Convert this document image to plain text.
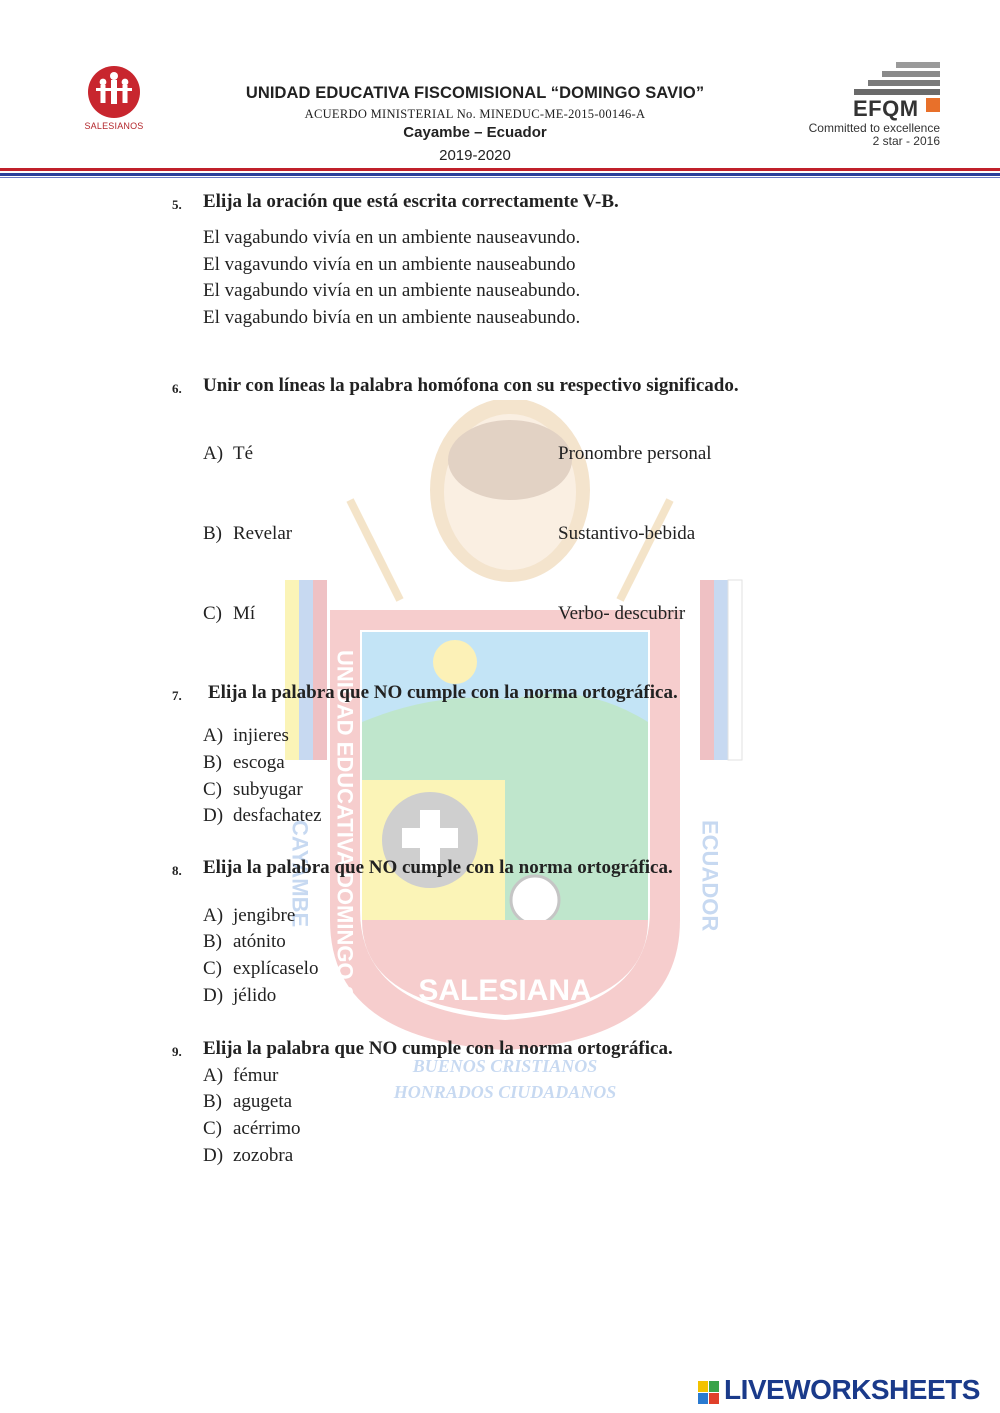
SALESIANOS
UNIDAD EDUCATIVA FISCOMISIONAL “DOMINGO SAVIO”
ACUERDO MINISTERIAL No. MINEDUC-ME-2015-00146-A
Cayambe – Ecuador
2019-2020
EFQM
Committed to excellence
2 star - 2016
SALESIANA
UNIDAD EDUCATIVA DOMINGO SAVIO
CAYAMBE	ECUADOR
BUENOS CRISTIANOS
HONRADOS CIUDADANOS
5. Elija la oración que está escrita correctamente V-B.
El vagabundo vivía en un ambiente nauseavundo.
El vagavundo vivía en un ambiente nauseabundo
El vagabundo vivía en un ambiente nauseabundo.
El vagabundo bivía en un ambiente nauseabundo.
6. Unir con líneas la palabra homófona con su respectivo significado.
A) Té	Pronombre personal
B) Revelar	Sustantivo-bebida
C) Mí	Verbo- descubrir
7. Elija la palabra que NO cumple con la norma ortográfica.
A) injieres
B) escoga
C) subyugar
D) desfachatez
8. Elija la palabra que NO cumple con la norma ortográfica.
A) jengibre
B) atónito
C) explícaselo
D) jélido
9. Elija la palabra que NO cumple con la norma ortográfica.
A) fémur
B) agugeta
C) acérrimo
D) zozobra
LIVEWORKSHEETS
